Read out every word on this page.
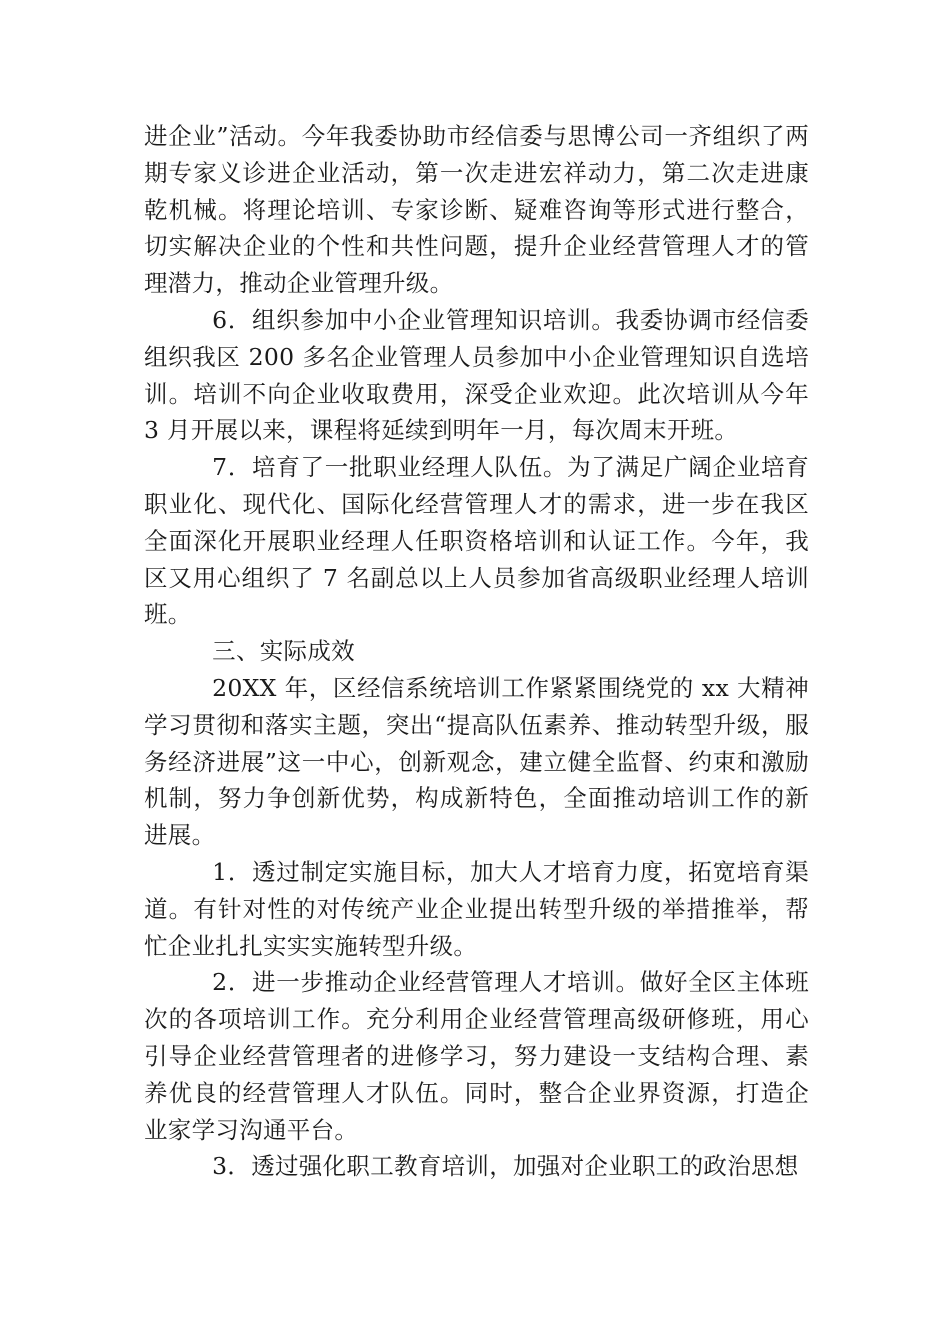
进企业”活动。今年我委协助市经信委与思博公司一齐组织了两期专家义诊进企业活动，第一次走进宏祥动力，第二次走进康乾机械。将理论培训、专家诊断、疑难咨询等形式进行整合，切实解决企业的个性和共性问题，提升企业经营管理人才的管理潜力，推动企业管理升级。

6．组织参加中小企业管理知识培训。我委协调市经信委组织我区 200 多名企业管理人员参加中小企业管理知识自选培训。培训不向企业收取费用，深受企业欢迎。此次培训从今年 3 月开展以来，课程将延续到明年一月，每次周末开班。

7．培育了一批职业经理人队伍。为了满足广阔企业培育职业化、现代化、国际化经营管理人才的需求，进一步在我区全面深化开展职业经理人任职资格培训和认证工作。今年，我区又用心组织了 7 名副总以上人员参加省高级职业经理人培训班。

三、实际成效

20XX 年，区经信系统培训工作紧紧围绕党的 xx 大精神学习贯彻和落实主题，突出“提高队伍素养、推动转型升级，服务经济进展”这一中心，创新观念，建立健全监督、约束和激励机制，努力争创新优势，构成新特色，全面推动培训工作的新进展。

1．透过制定实施目标，加大人才培育力度，拓宽培育渠道。有针对性的对传统产业企业提出转型升级的举措推举，帮忙企业扎扎实实实施转型升级。

2．进一步推动企业经营管理人才培训。做好全区主体班次的各项培训工作。充分利用企业经营管理高级研修班，用心引导企业经营管理者的进修学习，努力建设一支结构合理、素养优良的经营管理人才队伍。同时，整合企业界资源，打造企业家学习沟通平台。

3．透过强化职工教育培训，加强对企业职工的政治思想
